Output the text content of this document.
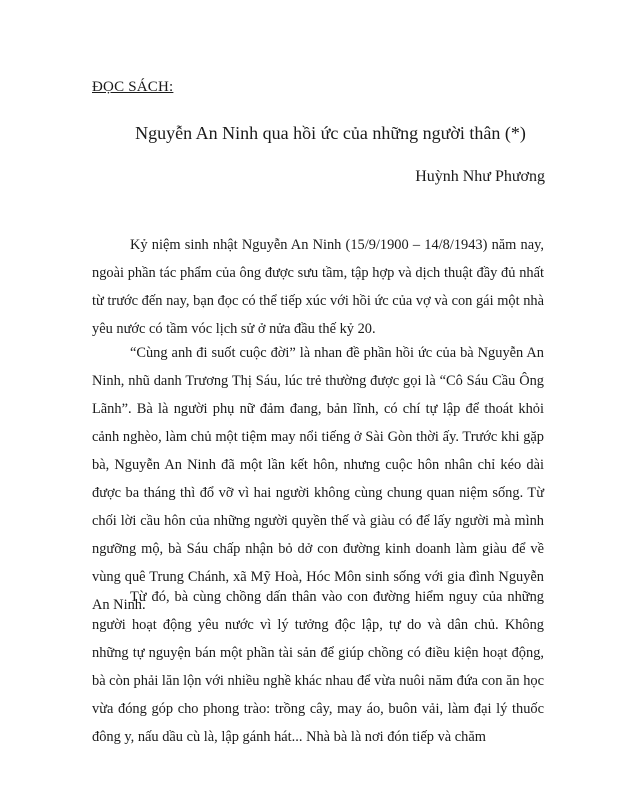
ĐỌC SÁCH:
Nguyễn An Ninh qua hồi ức của những người thân (*)
Huỳnh Như Phương

Kỷ niệm sinh nhật Nguyễn An Ninh (15/9/1900 – 14/8/1943) năm nay, ngoài phần tác phẩm của ông được sưu tầm, tập hợp và dịch thuật đầy đủ nhất từ trước đến nay, bạn đọc có thể tiếp xúc với hồi ức của vợ và con gái một nhà yêu nước có tầm vóc lịch sử ở nửa đầu thế kỷ 20.

“Cùng anh đi suốt cuộc đời” là nhan đề phần hồi ức của bà Nguyễn An Ninh, nhũ danh Trương Thị Sáu, lúc trẻ thường được gọi là “Cô Sáu Cầu Ông Lãnh”. Bà là người phụ nữ đảm đang, bản lĩnh, có chí tự lập để thoát khỏi cảnh nghèo, làm chủ một tiệm may nổi tiếng ở Sài Gòn thời ấy. Trước khi gặp bà, Nguyễn An Ninh đã một lần kết hôn, nhưng cuộc hôn nhân chỉ kéo dài được ba tháng thì đổ vỡ vì hai người không cùng chung quan niệm sống. Từ chối lời cầu hôn của những người quyền thế và giàu có để lấy người mà mình ngưỡng mộ, bà Sáu chấp nhận bỏ dở con đường kinh doanh làm giàu để về vùng quê Trung Chánh, xã Mỹ Hoà, Hóc Môn sinh sống với gia đình Nguyễn An Ninh.

Từ đó, bà cùng chồng dấn thân vào con đường hiểm nguy của những người hoạt động yêu nước vì lý tưởng độc lập, tự do và dân chủ. Không những tự nguyện bán một phần tài sản để giúp chồng có điều kiện hoạt động, bà còn phải lăn lộn với nhiều nghề khác nhau để vừa nuôi năm đứa con ăn học vừa đóng góp cho phong trào: trồng cây, may áo, buôn vải, làm đại lý thuốc đông y, nấu dầu cù là, lập gánh hát... Nhà bà là nơi đón tiếp và chăm
